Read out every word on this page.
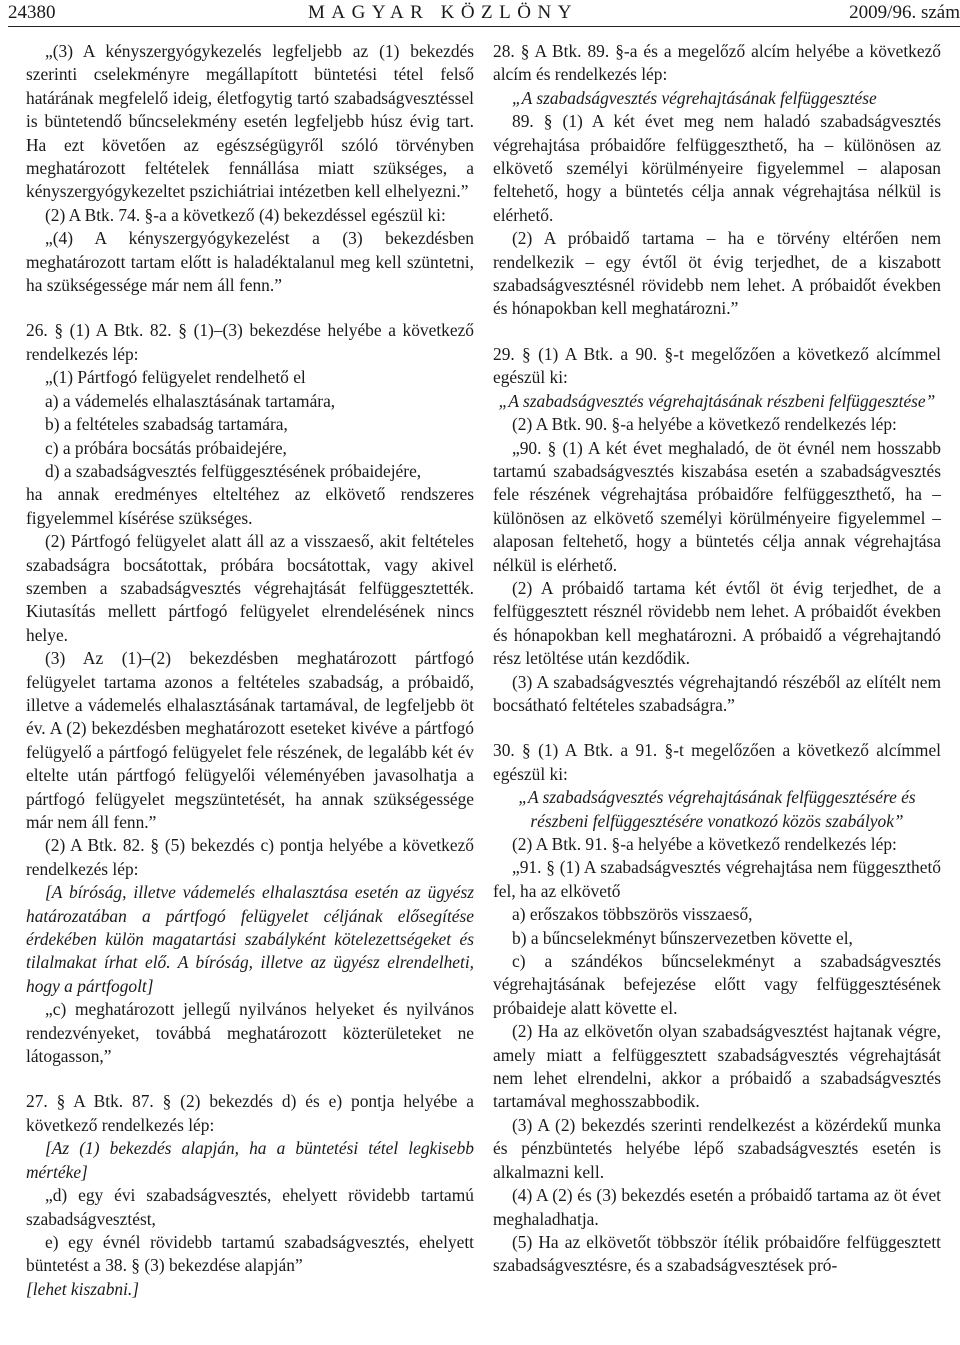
24380	MAGYAR KÖZLÖNY	2009/96. szám

„(3) A kényszergyógykezelés legfeljebb az (1) bekezdés szerinti cselekményre megállapított büntetési tétel felső határának megfelelő ideig, életfogytig tartó szabadságvesztéssel is büntetendő bűncselekmény esetén legfeljebb húsz évig tart. Ha ezt követően az egészségügyről szóló törvényben meghatározott feltételek fennállása miatt szükséges, a kényszergyógykezeltet pszichiátriai intézetben kell elhelyezni.”

(2) A Btk. 74. §-a a következő (4) bekezdéssel egészül ki:

„(4) A kényszergyógykezelést a (3) bekezdésben meghatározott tartam előtt is haladéktalanul meg kell szüntetni, ha szükségessége már nem áll fenn.”

26. § (1) A Btk. 82. § (1)–(3) bekezdése helyébe a következő rendelkezés lép:

„(1) Pártfogó felügyelet rendelhető el

a) a vádemelés elhalasztásának tartamára,

b) a feltételes szabadság tartamára,

c) a próbára bocsátás próbaidejére,

d) a szabadságvesztés felfüggesztésének próbaidejére,

ha annak eredményes elteltéhez az elkövető rendszeres figyelemmel kísérése szükséges.

(2) Pártfogó felügyelet alatt áll az a visszaeső, akit feltételes szabadságra bocsátottak, próbára bocsátottak, vagy akivel szemben a szabadságvesztés végrehajtását felfüggesztették. Kiutasítás mellett pártfogó felügyelet elrendelésének nincs helye.

(3) Az (1)–(2) bekezdésben meghatározott pártfogó felügyelet tartama azonos a feltételes szabadság, a próbaidő, illetve a vádemelés elhalasztásának tartamával, de legfeljebb öt év. A (2) bekezdésben meghatározott eseteket kivéve a pártfogó felügyelő a pártfogó felügyelet fele részének, de legalább két év eltelte után pártfogó felügyelői véleményében javasolhatja a pártfogó felügyelet megszüntetését, ha annak szükségessége már nem áll fenn.”

(2) A Btk. 82. § (5) bekezdés c) pontja helyébe a következő rendelkezés lép:

[A bíróság, illetve vádemelés elhalasztása esetén az ügyész határozatában a pártfogó felügyelet céljának elősegítése érdekében külön magatartási szabályként kötelezettségeket és tilalmakat írhat elő. A bíróság, illetve az ügyész elrendelheti, hogy a pártfogolt]

„c) meghatározott jellegű nyilvános helyeket és nyilvános rendezvényeket, továbbá meghatározott közterületeket ne látogasson,”

27. § A Btk. 87. § (2) bekezdés d) és e) pontja helyébe a következő rendelkezés lép:

[Az (1) bekezdés alapján, ha a büntetési tétel legkisebb mértéke]

„d) egy évi szabadságvesztés, ehelyett rövidebb tartamú szabadságvesztést,

e) egy évnél rövidebb tartamú szabadságvesztés, ehelyett büntetést a 38. § (3) bekezdése alapján”

[lehet kiszabni.]

28. § A Btk. 89. §-a és a megelőző alcím helyébe a következő alcím és rendelkezés lép:

„A szabadságvesztés végrehajtásának felfüggesztése

89. § (1) A két évet meg nem haladó szabadságvesztés végrehajtása próbaidőre felfüggeszthető, ha – különösen az elkövető személyi körülményeire figyelemmel – alaposan feltehető, hogy a büntetés célja annak végrehajtása nélkül is elérhető.

(2) A próbaidő tartama – ha e törvény eltérően nem rendelkezik – egy évtől öt évig terjedhet, de a kiszabott szabadságvesztésnél rövidebb nem lehet. A próbaidőt években és hónapokban kell meghatározni.”

29. § (1) A Btk. a 90. §-t megelőzően a következő alcímmel egészül ki:

„A szabadságvesztés végrehajtásának részbeni felfüggesztése”

(2) A Btk. 90. §-a helyébe a következő rendelkezés lép:

„90. § (1) A két évet meghaladó, de öt évnél nem hosszabb tartamú szabadságvesztés kiszabása esetén a szabadságvesztés fele részének végrehajtása próbaidőre felfüggeszthető, ha – különösen az elkövető személyi körülményeire figyelemmel – alaposan feltehető, hogy a büntetés célja annak végrehajtása nélkül is elérhető.

(2) A próbaidő tartama két évtől öt évig terjedhet, de a felfüggesztett résznél rövidebb nem lehet. A próbaidőt években és hónapokban kell meghatározni. A próbaidő a végrehajtandó rész letöltése után kezdődik.

(3) A szabadságvesztés végrehajtandó részéből az elítélt nem bocsátható feltételes szabadságra.”

30. § (1) A Btk. a 91. §-t megelőzően a következő alcímmel egészül ki:

„A szabadságvesztés végrehajtásának felfüggesztésére és részbeni felfüggesztésére vonatkozó közös szabályok”

(2) A Btk. 91. §-a helyébe a következő rendelkezés lép:

„91. § (1) A szabadságvesztés végrehajtása nem függeszthető fel, ha az elkövető

a) erőszakos többszörös visszaeső,

b) a bűncselekményt bűnszervezetben követte el,

c) a szándékos bűncselekményt a szabadságvesztés végrehajtásának befejezése előtt vagy felfüggesztésének próbaideje alatt követte el.

(2) Ha az elkövetőn olyan szabadságvesztést hajtanak végre, amely miatt a felfüggesztett szabadságvesztés végrehajtását nem lehet elrendelni, akkor a próbaidő a szabadságvesztés tartamával meghosszabbodik.

(3) A (2) bekezdés szerinti rendelkezést a közérdekű munka és pénzbüntetés helyébe lépő szabadságvesztés esetén is alkalmazni kell.

(4) A (2) és (3) bekezdés esetén a próbaidő tartama az öt évet meghaladhatja.

(5) Ha az elkövetőt többször ítélik próbaidőre felfüggesztett szabadságvesztésre, és a szabadságvesztések pró-
